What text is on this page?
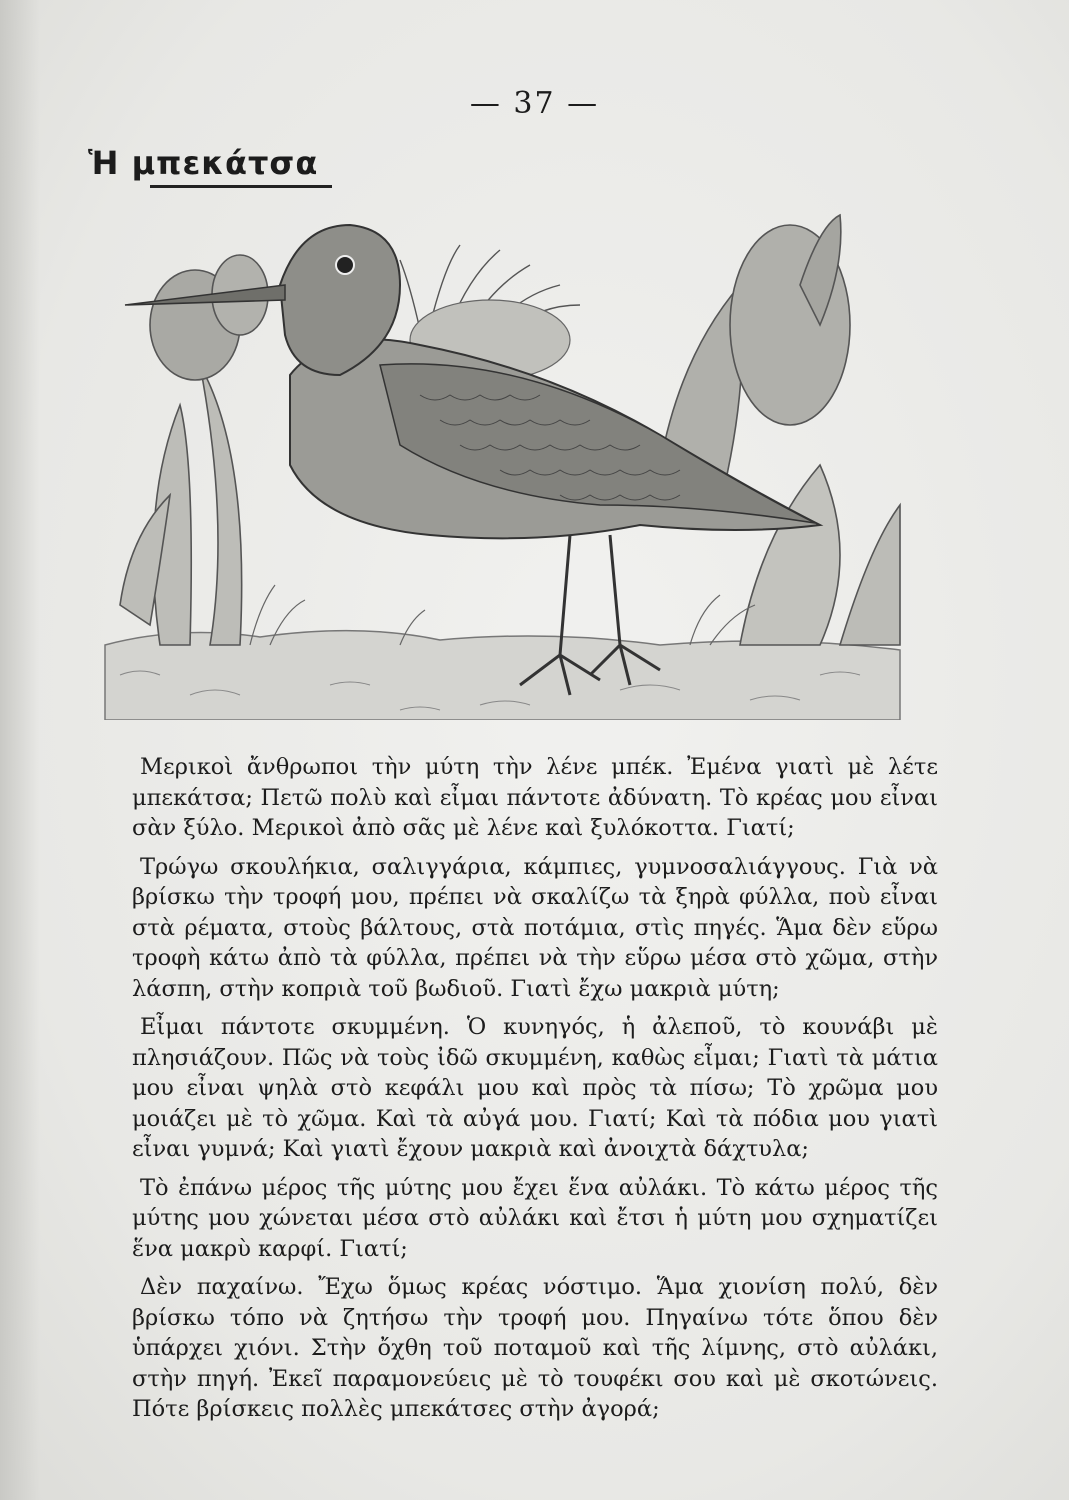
— 37 —
Ἡ μπεκάτσα

Μερικοὶ ἄνθρωποι τὴν μύτη τὴν λένε μπέκ. Ἐμένα γιατὶ μὲ λέτε μπεκάτσα; Πετῶ πολὺ καὶ εἶμαι πάντοτε ἀδύνατη. Τὸ κρέας μου εἶναι σὰν ξύλο. Μερικοὶ ἀπὸ σᾶς μὲ λένε καὶ ξυλόκοττα. Γιατί;

Τρώγω σκουλήκια, σαλιγγάρια, κάμπιες, γυμνοσαλιάγγους. Γιὰ νὰ βρίσκω τὴν τροφή μου, πρέπει νὰ σκαλίζω τὰ ξηρὰ φύλλα, ποὺ εἶναι στὰ ρέματα, στοὺς βάλτους, στὰ ποτάμια, στὶς πηγές. Ἅμα δὲν εὕρω τροφὴ κάτω ἀπὸ τὰ φύλλα, πρέπει νὰ τὴν εὕρω μέσα στὸ χῶμα, στὴν λάσπη, στὴν κοπριὰ τοῦ βωδιοῦ. Γιατὶ ἔχω μακριὰ μύτη;

Εἶμαι πάντοτε σκυμμένη. Ὁ κυνηγός, ἡ ἀλεποῦ, τὸ κουνάβι μὲ πλησιάζουν. Πῶς νὰ τοὺς ἰδῶ σκυμμένη, καθὼς εἶμαι; Γιατὶ τὰ μάτια μου εἶναι ψηλὰ στὸ κεφάλι μου καὶ πρὸς τὰ πίσω; Τὸ χρῶμα μου μοιάζει μὲ τὸ χῶμα. Καὶ τὰ αὐγά μου. Γιατί; Καὶ τὰ πόδια μου γιατὶ εἶναι γυμνά; Καὶ γιατὶ ἔχουν μακριὰ καὶ ἀνοιχτὰ δάχτυλα;

Τὸ ἐπάνω μέρος τῆς μύτης μου ἔχει ἕνα αὐλάκι. Τὸ κάτω μέρος τῆς μύτης μου χώνεται μέσα στὸ αὐλάκι καὶ ἔτσι ἡ μύτη μου σχηματίζει ἕνα μακρὺ καρφί. Γιατί;

Δὲν παχαίνω. Ἔχω ὅμως κρέας νόστιμο. Ἅμα χιονίση πολύ, δὲν βρίσκω τόπο νὰ ζητήσω τὴν τροφή μου. Πηγαίνω τότε ὅπου δὲν ὑπάρχει χιόνι. Στὴν ὄχθη τοῦ ποταμοῦ καὶ τῆς λίμνης, στὸ αὐλάκι, στὴν πηγή. Ἐκεῖ παραμονεύεις μὲ τὸ τουφέκι σου καὶ μὲ σκοτώνεις. Πότε βρίσκεις πολλὲς μπεκάτσες στὴν ἀγορά;
